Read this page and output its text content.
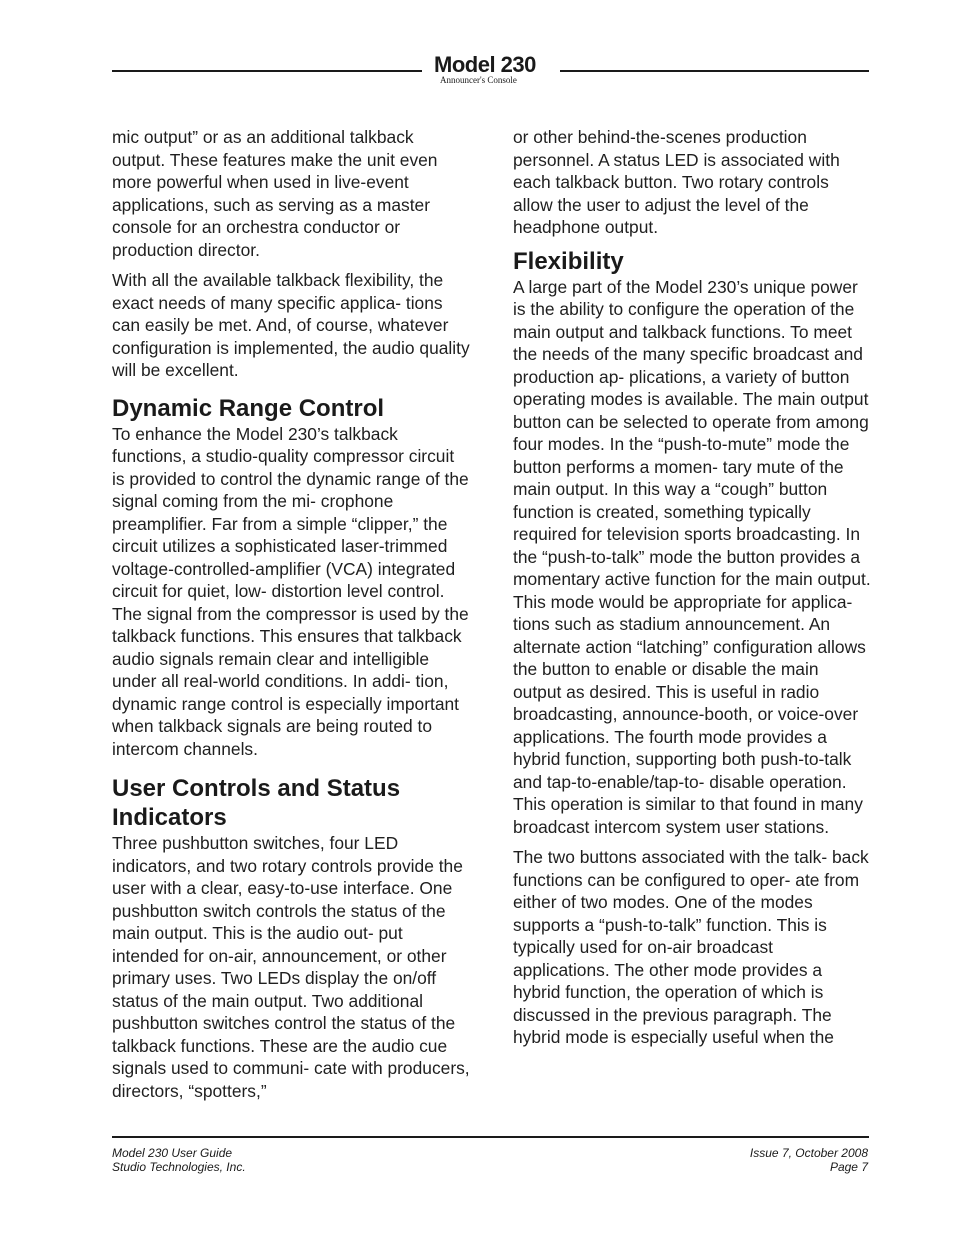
Model 230
Announcer's Console

mic output” or as an additional talkback output. These features make the unit even more powerful when used in live-event applications, such as serving as a master console for an orchestra conductor or production director.

With all the available talkback flexibility, the exact needs of many specific applica- tions can easily be met. And, of course, whatever configuration is implemented, the audio quality will be excellent.

Dynamic Range Control

To enhance the Model 230’s talkback functions, a studio-quality compressor circuit is provided to control the dynamic range of the signal coming from the mi- crophone preamplifier. Far from a simple “clipper,” the circuit utilizes a sophisticated laser-trimmed voltage-controlled-amplifier (VCA) integrated circuit for quiet, low- distortion level control. The signal from the compressor is used by the talkback functions. This ensures that talkback audio signals remain clear and intelligible under all real-world conditions. In addi- tion, dynamic range control is especially important when talkback signals are being routed to intercom channels.

User Controls and Status Indicators

Three pushbutton switches, four LED indicators, and two rotary controls provide the user with a clear, easy-to-use interface. One pushbutton switch controls the status of the main output. This is the audio out- put intended for on-air, announcement, or other primary uses. Two LEDs display the on/off status of the main output. Two additional pushbutton switches control the status of the talkback functions. These are the audio cue signals used to communi- cate with producers, directors, “spotters,”

or other behind-the-scenes production personnel. A status LED is associated with each talkback button. Two rotary controls allow the user to adjust the level of the headphone output.

Flexibility

A large part of the Model 230’s unique power is the ability to configure the operation of the main output and talkback functions. To meet the needs of the many specific broadcast and production ap- plications, a variety of button operating modes is available. The main output button can be selected to operate from among four modes. In the “push-to-mute” mode the button performs a momen- tary mute of the main output. In this way a “cough” button function is created, something typically required for television sports broadcasting. In the “push-to-talk” mode the button provides a momentary active function for the main output. This mode would be appropriate for applica- tions such as stadium announcement. An alternate action “latching” configuration allows the button to enable or disable the main output as desired. This is useful in radio broadcasting, announce-booth, or voice-over applications. The fourth mode provides a hybrid function, supporting both push-to-talk and tap-to-enable/tap-to- disable operation. This operation is similar to that found in many broadcast intercom system user stations.

The two buttons associated with the talk- back functions can be configured to oper- ate from either of two modes. One of the modes supports a “push-to-talk” function. This is typically used for on-air broadcast applications. The other mode provides a hybrid function, the operation of which is discussed in the previous paragraph. The hybrid mode is especially useful when the

Model 230 User Guide
Studio Technologies, Inc.
Issue 7, October 2008
Page 7
